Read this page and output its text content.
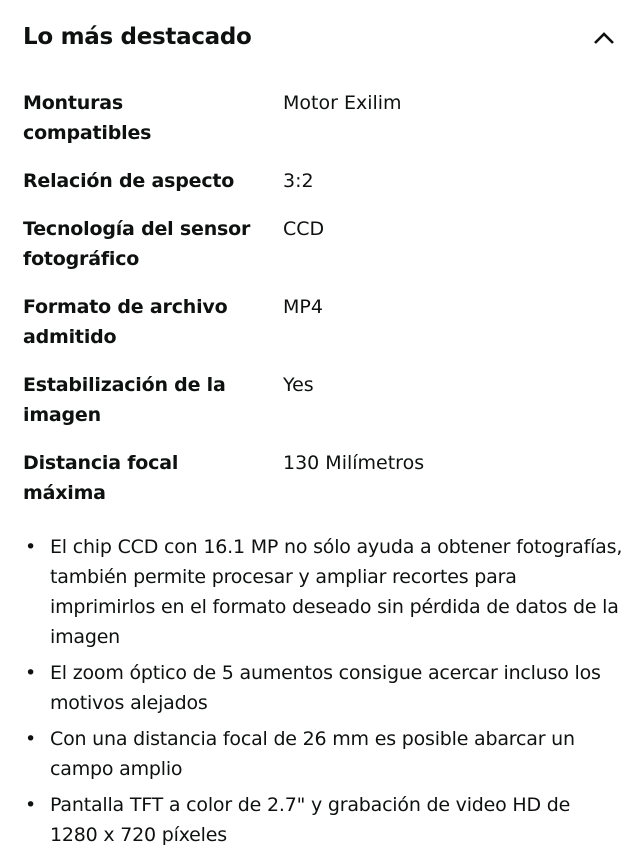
Lo más destacado
Monturas compatibles
Motor Exilim
Relación de aspecto	3:2
Tecnología del sensor fotográfico
CCD
Formato de archivo admitido
MP4
Estabilización de la imagen
Yes
Distancia focal máxima
130 Milímetros
• El chip CCD con 16.1 MP no sólo ayuda a obtener fotografías, también permite procesar y ampliar recortes para imprimirlos en el formato deseado sin pérdida de datos de la imagen
• El zoom óptico de 5 aumentos consigue acercar incluso los motivos alejados
• Con una distancia focal de 26 mm es posible abarcar un campo amplio
• Pantalla TFT a color de 2.7" y grabación de video HD de 1280 x 720 píxeles
